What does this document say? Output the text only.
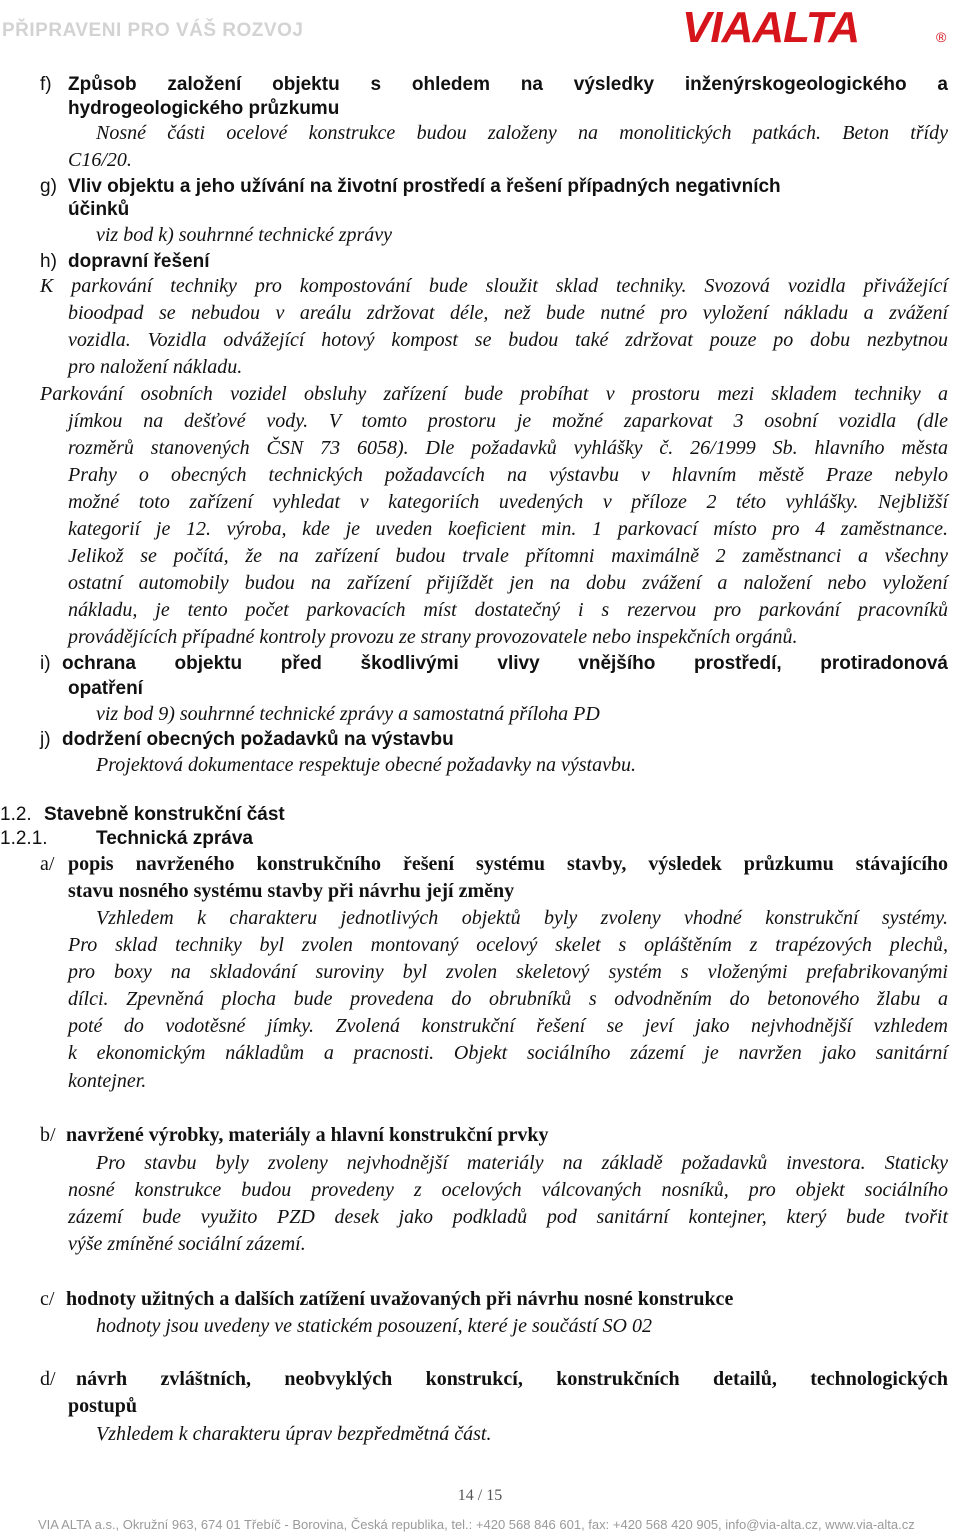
PŘIPRAVENI PRO VÁŠ ROZVOJ	VIAALTA	®
f) Způsob založení objektu s ohledem na výsledky inženýrskogeologického a
hydrogeologického průzkumu
Nosné části ocelové konstrukce budou založeny na monolitických patkách. Beton třídy
C16/20.
g) Vliv objektu a jeho užívání na životní prostředí a řešení případných negativních
účinků
viz bod k) souhrnné technické zprávy
h) dopravní řešení
K parkování techniky pro kompostování bude sloužit sklad techniky. Svozová vozidla přivážející
bioodpad se nebudou v areálu zdržovat déle, než bude nutné pro vyložení nákladu a zvážení
vozidla. Vozidla odvážející hotový kompost se budou také zdržovat pouze po dobu nezbytnou
pro naložení nákladu.
Parkování osobních vozidel obsluhy zařízení bude probíhat v prostoru mezi skladem techniky a
jímkou na dešťové vody. V tomto prostoru je možné zaparkovat 3 osobní vozidla (dle
rozměrů stanovených ČSN 73 6058). Dle požadavků vyhlášky č. 26/1999 Sb. hlavního města
Prahy o obecných technických požadavcích na výstavbu v hlavním městě Praze nebylo
možné toto zařízení vyhledat v kategoriích uvedených v příloze 2 této vyhlášky. Nejbližší
kategorií je 12. výroba, kde je uveden koeficient min. 1 parkovací místo pro 4 zaměstnance.
Jelikož se počítá, že na zařízení budou trvale přítomni maximálně 2 zaměstnanci a všechny
ostatní automobily budou na zařízení přijíždět jen na dobu zvážení a naložení nebo vyložení
nákladu, je tento počet parkovacích míst dostatečný i s rezervou pro parkování pracovníků
provádějících případné kontroly provozu ze strany provozovatele nebo inspekčních orgánů.
i) ochrana objektu před škodlivými vlivy vnějšího prostředí, protiradonová
opatření
viz bod 9) souhrnné technické zprávy a samostatná příloha PD
j) dodržení obecných požadavků na výstavbu
Projektová dokumentace respektuje obecné požadavky na výstavbu.
1.2. Stavebně konstrukční část
1.2.1.	Technická zpráva
a/ popis navrženého konstrukčního řešení systému stavby, výsledek průzkumu stávajícího
stavu nosného systému stavby při návrhu její změny
Vzhledem k charakteru jednotlivých objektů byly zvoleny vhodné konstrukční systémy.
Pro sklad techniky byl zvolen montovaný ocelový skelet s opláštěním z trapézových plechů,
pro boxy na skladování suroviny byl zvolen skeletový systém s vloženými prefabrikovanými
dílci. Zpevněná plocha bude provedena do obrubníků s odvodněním do betonového žlabu a
poté do vodotěsné jímky. Zvolená konstrukční řešení se jeví jako nejvhodnější vzhledem
k ekonomickým nákladům a pracnosti. Objekt sociálního zázemí je navržen jako sanitární
kontejner.
b/ navržené výrobky, materiály a hlavní konstrukční prvky
Pro stavbu byly zvoleny nejvhodnější materiály na základě požadavků investora. Staticky
nosné konstrukce budou provedeny z ocelových válcovaných nosníků, pro objekt sociálního
zázemí bude využito PZD desek jako podkladů pod sanitární kontejner, který bude tvořit
výše zmíněné sociální zázemí.
c/ hodnoty užitných a dalších zatížení uvažovaných při návrhu nosné konstrukce
hodnoty jsou uvedeny ve statickém posouzení, které je součástí SO 02
d/ návrh zvláštních, neobvyklých konstrukcí, konstrukčních detailů, technologických
postupů
Vzhledem k charakteru úprav bezpředmětná část.
14 / 15
VIA ALTA a.s., Okružní 963, 674 01 Třebíč - Borovina, Česká republika, tel.: +420 568 846 601, fax: +420 568 420 905, info@via-alta.cz, www.via-alta.cz
